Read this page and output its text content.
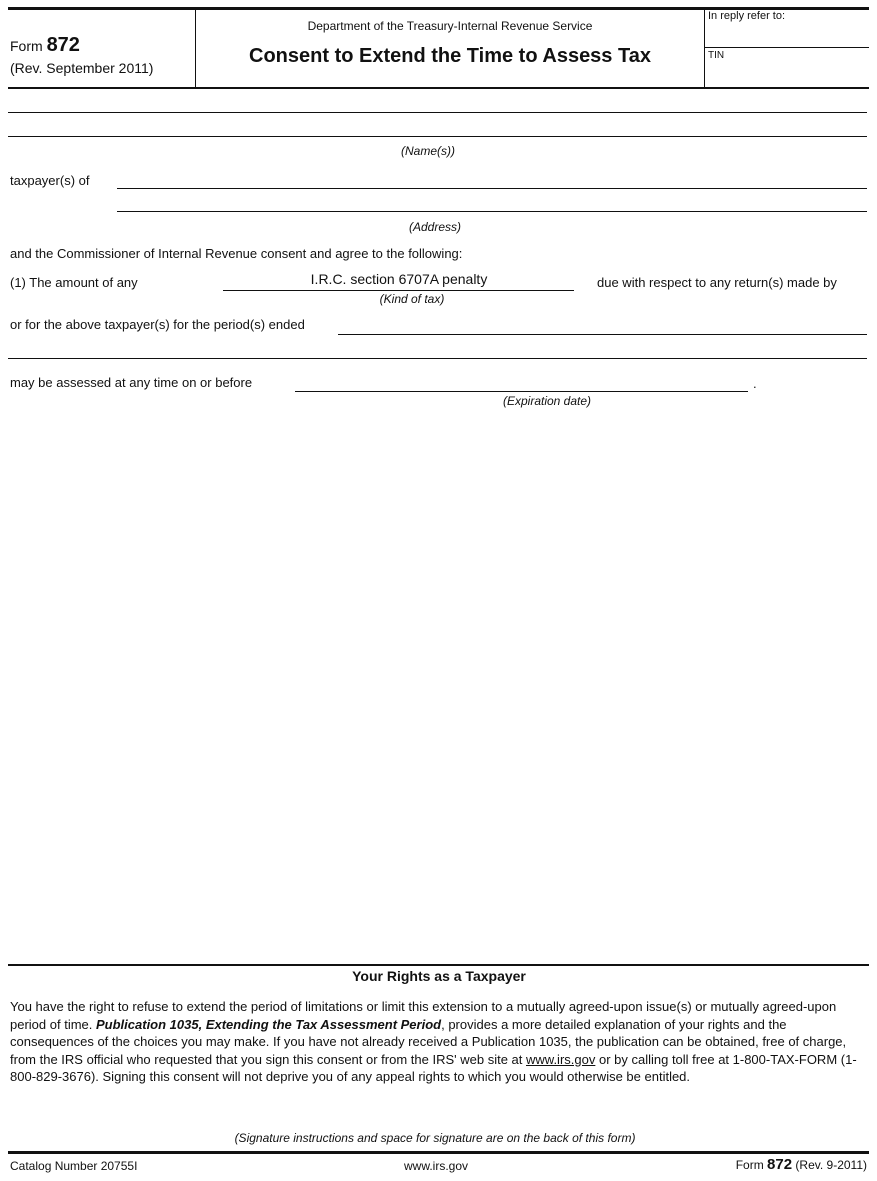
Form 872
(Rev. September 2011)
Department of the Treasury-Internal Revenue Service
Consent to Extend the Time to Assess Tax
In reply refer to:
TIN
(Name(s))
taxpayer(s) of
(Address)
and the Commissioner of Internal Revenue consent and agree to the following:
(1) The amount of any	I.R.C. section 6707A penalty
(Kind of tax)
due with respect to any return(s) made by
or for the above taxpayer(s) for the period(s) ended
may be assessed at any time on or before	.
(Expiration date)
Your Rights as a Taxpayer
You have the right to refuse to extend the period of limitations or limit this extension to a mutually agreed-upon issue(s) or mutually agreed-upon period of time. Publication 1035, Extending the Tax Assessment Period, provides a more detailed explanation of your rights and the consequences of the choices you may make. If you have not already received a Publication 1035, the publication can be obtained, free of charge, from the IRS official who requested that you sign this consent or from the IRS' web site at www.irs.gov or by calling toll free at 1-800-TAX-FORM (1-800-829-3676). Signing this consent will not deprive you of any appeal rights to which you would otherwise be entitled.
(Signature instructions and space for signature are on the back of this form)
Catalog Number 20755I	www.irs.gov	Form 872 (Rev. 9-2011)
